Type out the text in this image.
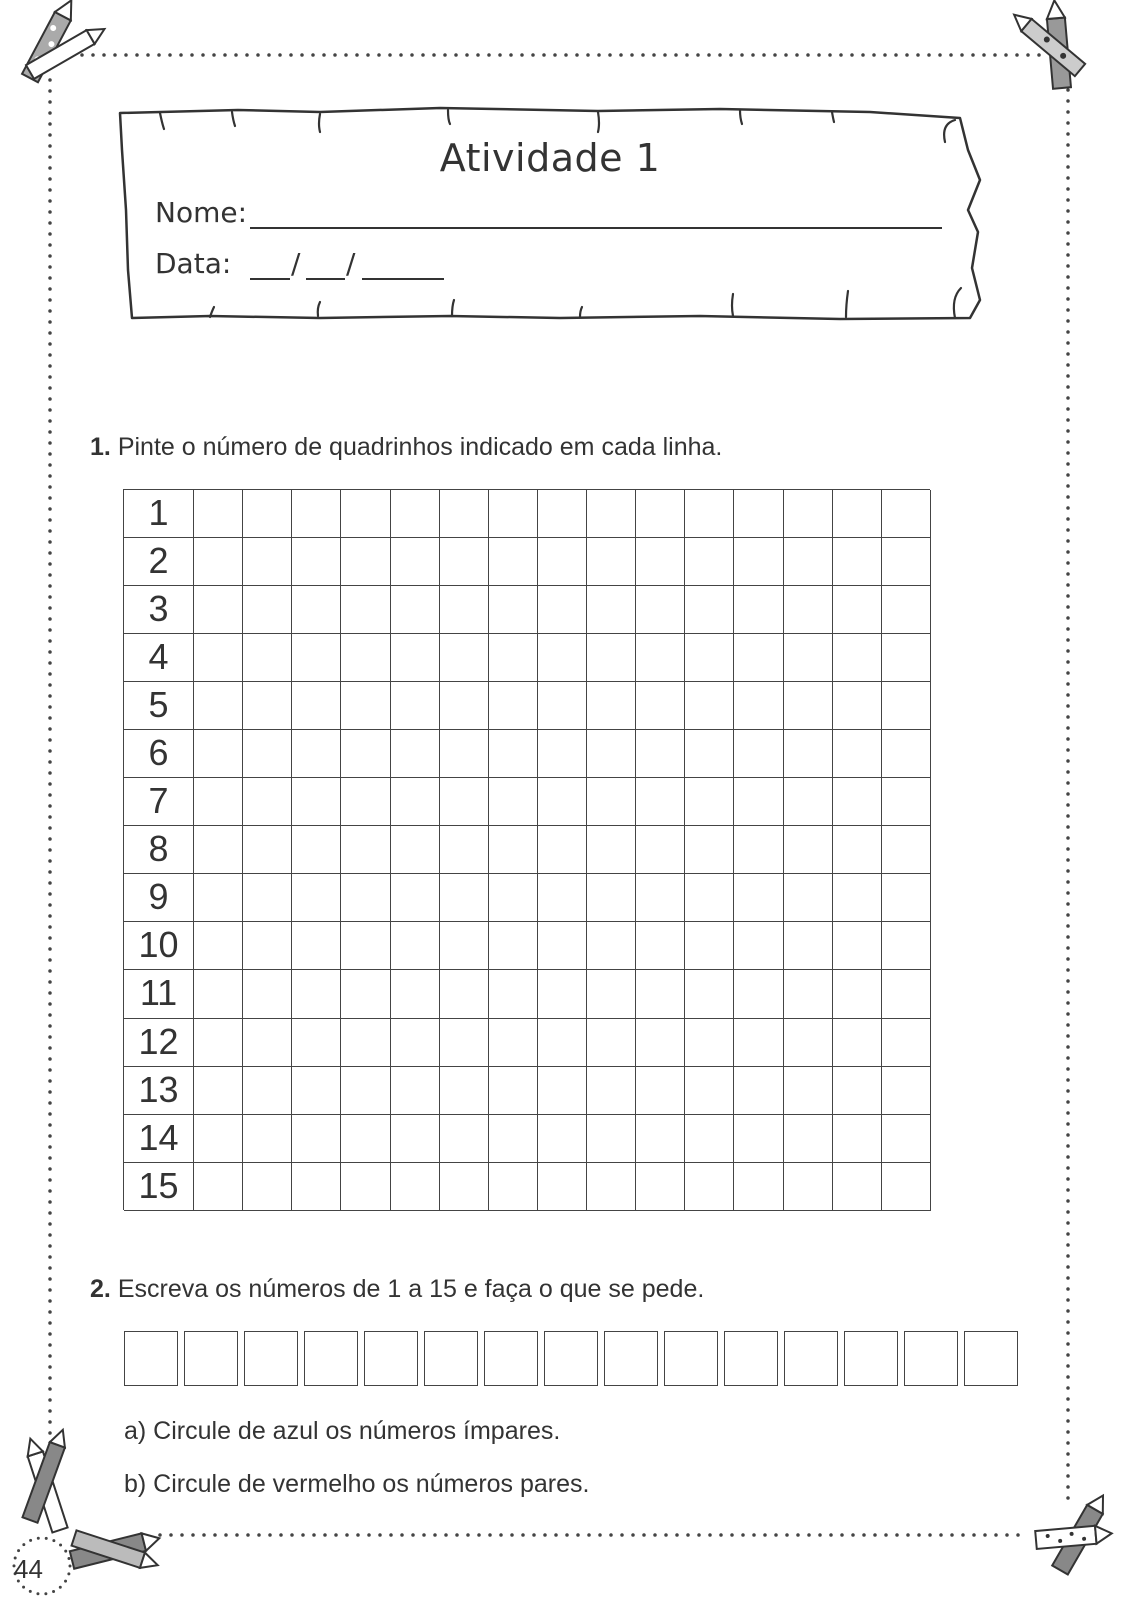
Atividade 1
Nome:
Data: / /
1. Pinte o número de quadrinhos indicado em cada linha.
1
2
3
4
5
6
7
8
9
10
11
12
13
14
15
2. Escreva os números de 1 a 15 e faça o que se pede.
a) Circule de azul os números ímpares.
b) Circule de vermelho os números pares.
44
